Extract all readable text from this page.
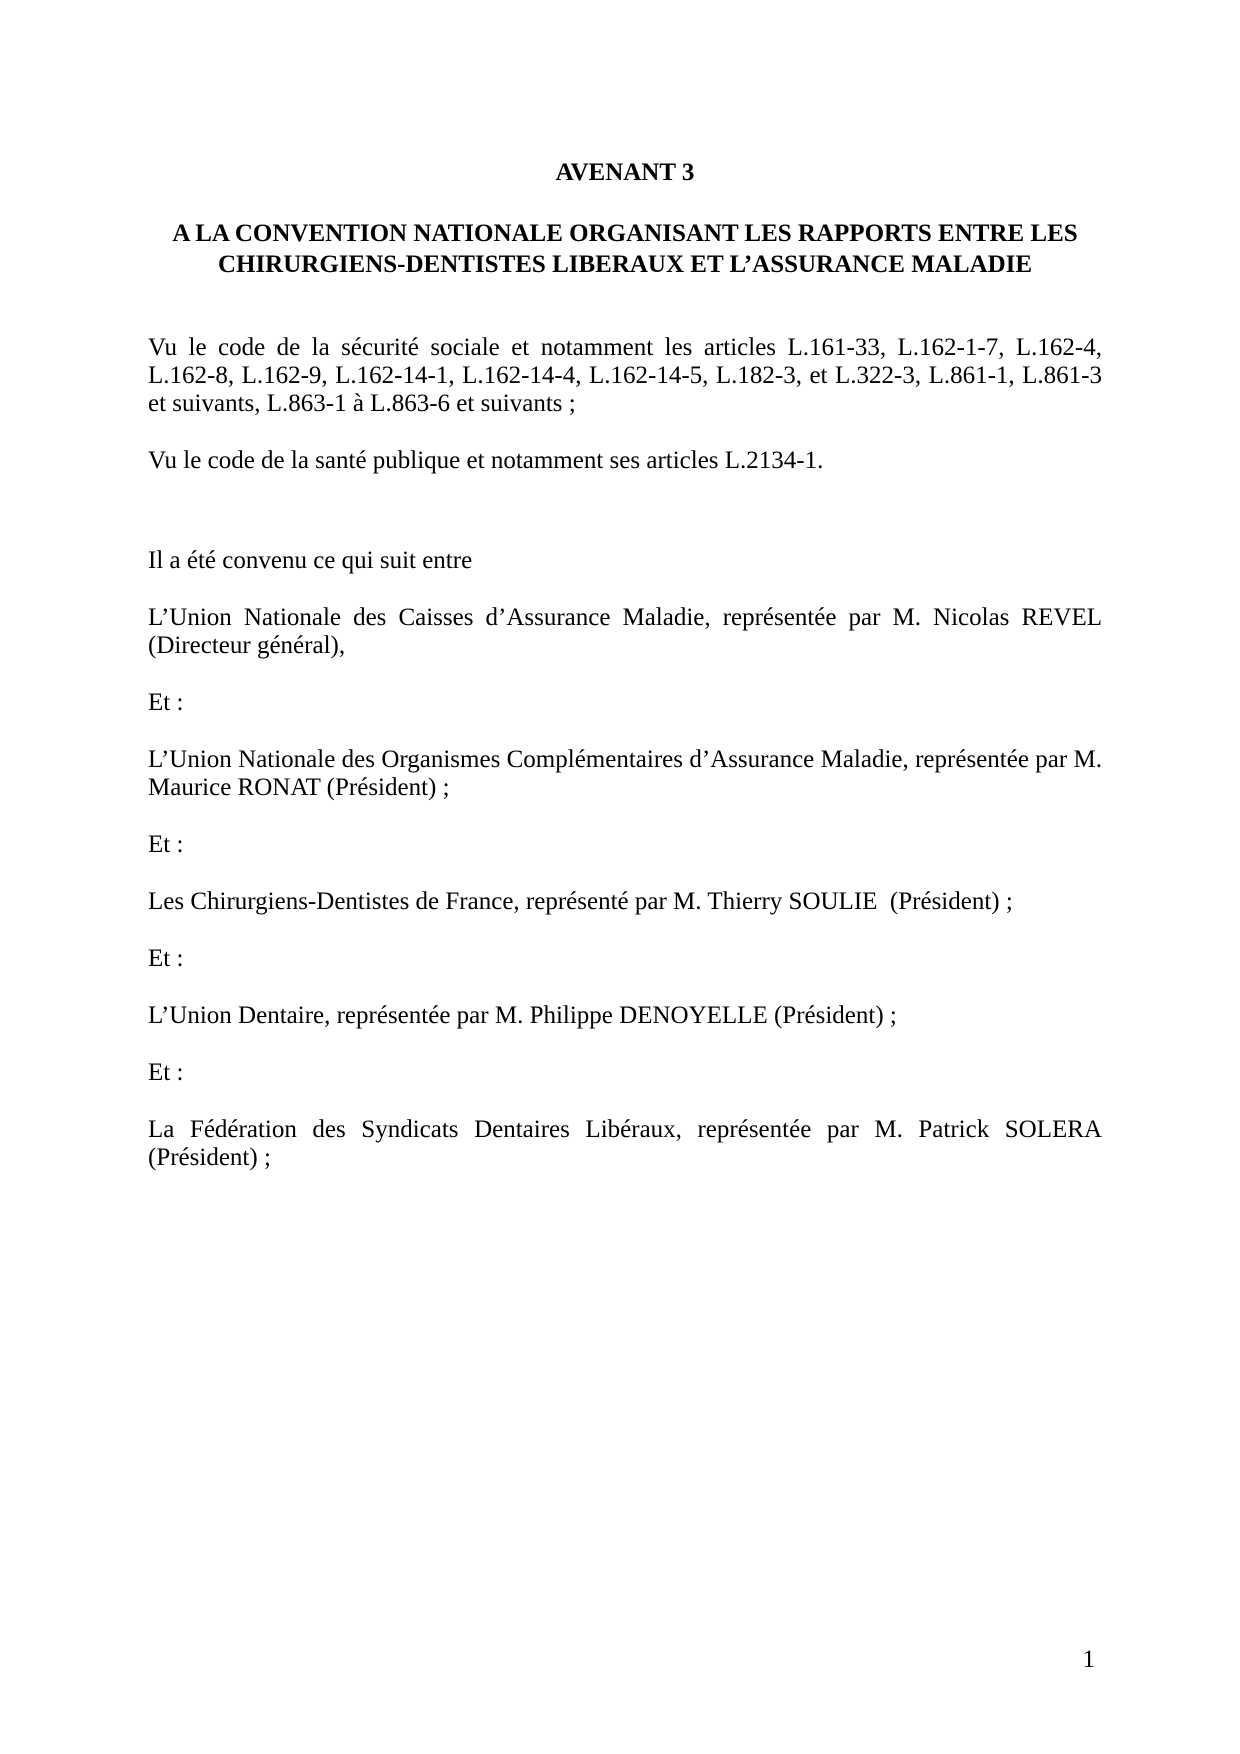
AVENANT 3
A LA CONVENTION NATIONALE ORGANISANT LES RAPPORTS ENTRE LES
CHIRURGIENS-DENTISTES LIBERAUX ET L’ASSURANCE MALADIE

Vu le code de la sécurité sociale et notamment les articles L.161-33, L.162-1-7, L.162-4, L.162-8, L.162-9, L.162-14-1, L.162-14-4, L.162-14-5, L.182-3, et L.322-3, L.861-1, L.861-3 et suivants, L.863-1 à L.863-6 et suivants ;

Vu le code de la santé publique et notamment ses articles L.2134-1.

Il a été convenu ce qui suit entre

L’Union Nationale des Caisses d’Assurance Maladie, représentée par M. Nicolas REVEL (Directeur général),

Et :

L’Union Nationale des Organismes Complémentaires d’Assurance Maladie, représentée par M. Maurice RONAT (Président) ;

Et :

Les Chirurgiens-Dentistes de France, représenté par M. Thierry SOULIE  (Président) ;

Et :

L’Union Dentaire, représentée par M. Philippe DENOYELLE (Président) ;

Et :

La Fédération des Syndicats Dentaires Libéraux, représentée par M. Patrick SOLERA (Président) ;

1
